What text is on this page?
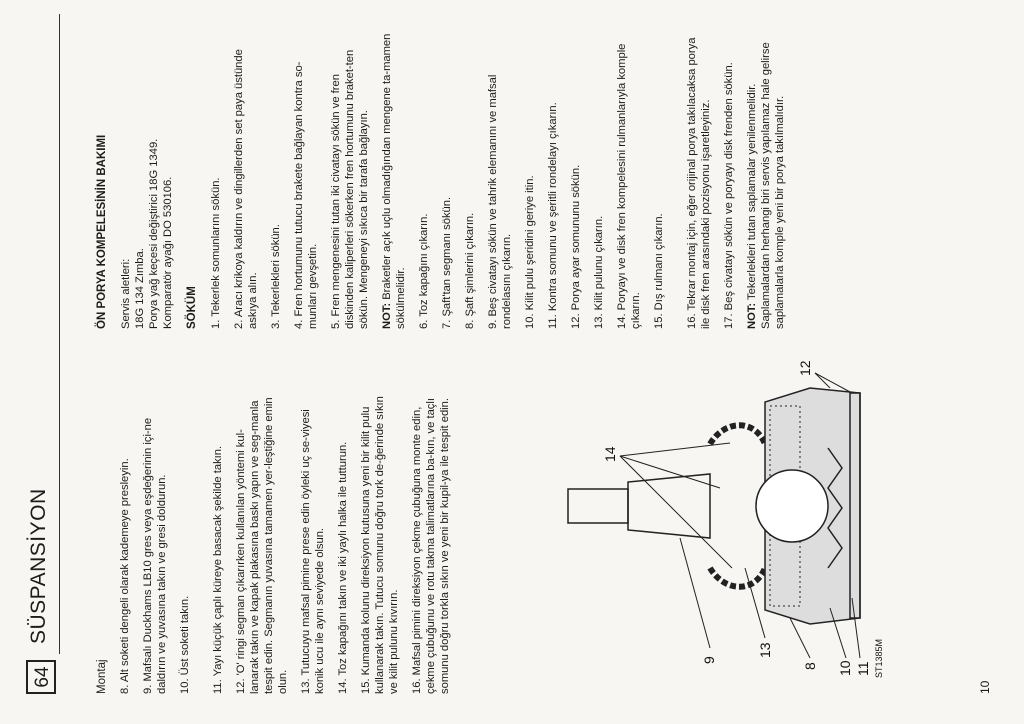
64
SÜSPANSİYON

Montaj 8. Alt soketi dengeli olarak kademeye presleyin. 9. Mafsalı Duckhams LB10 gres veya eşdeğerinin içi-ne daldırın ve yuvasına takın ve gresi doldurun. 10. Üst soketi takın. 11. Yayı küçük çaplı küreye basacak şekilde takın. 12. 'O' ringi segman çıkarırken kullanılan yöntemi kul-lanarak takın ve kapak plakasına baskı yapın ve seg-manla tespit edin. Segmanın yuvasına tamamen yer-leştiğine emin olun. 13. Tutucuyu mafsal pimine prese edin öyleki uç se-viyesi konik ucu ile aynı seviyede olsun. 14. Toz kapağını takın ve iki yaylı halka ile tutturun. 15. Kumanda kolunu direksiyon kutusuna yeni bir kilit pulu kullanarak takın. Tutucu somunu doğru tork de-ğerinde sıkın ve kilit pulunu kıvırın. 16. Mafsal pimini direksiyon çekme çubuğuna monte edin, çekme çubuğunu ve rotu takma talimatlarına ba-kın, ve taçlı somunu doğru torkla sıkın ve yeni bir kupil-ya ile tespit edin.	14
9
13
8 10 11
12
ST1385M
ÖN PORYA KOMPELESİNİN BAKIMI Servis aletleri: 18G 134 Zımba. Porya yağ keçesi değiştirici 18G 1349. Komparatör ayağı DO 530106. SÖKÜM 1. Tekerlek somunlarını sökün. 2. Aracı krikoya kaldırın ve dingillerden set paya üstünde askıya alın. 3. Tekerlekleri sökün. 4. Fren hortumunu tutucu brakete bağlayan kontra so-munları gevşetin. 5. Fren mengenesini tutan iki civatayı sökün ve fren diskinden kaliperleri sökerken fren hortumunu braket-ten sökün. Mengeneyi sıkıca bir tarafa bağlayın. NOT: Braketler açık uçlu olmadığından mengene ta-mamen sökülmelidir. 6. Toz kapağını çıkarın. 7. Şaft'tan segmanı sökün. 8. Şaft şimlerini çıkarın. 9. Beş civatayı sökün ve tahrik elemanını ve mafsal rondelasını çıkarın. 10. Kilit pulu şeridini geriye itin. 11. Kontra somunu ve şeritli rondelayı çıkarın. 12. Porya ayar somununu sökün. 13. Kilit pulunu çıkarın. 14. Poryayı ve disk fren kompelesini rulmanlarıyla komple çıkarın. 15. Dış rulmanı çıkarın. 16. Tekrar montaj için, eğer orijinal porya takılacaksa porya ile disk fren arasındaki pozisyonu işaretleyiniz. 17. Beş civatayı sökün ve poryayı disk frenden sökün. NOT: Tekerlekleri tutan saplamalar yenilenmelidir. Saplamalardan herhangi biri servis yapılamaz hale gelirse saplamalarla komple yeni bir porya takılmalıdır.

10
